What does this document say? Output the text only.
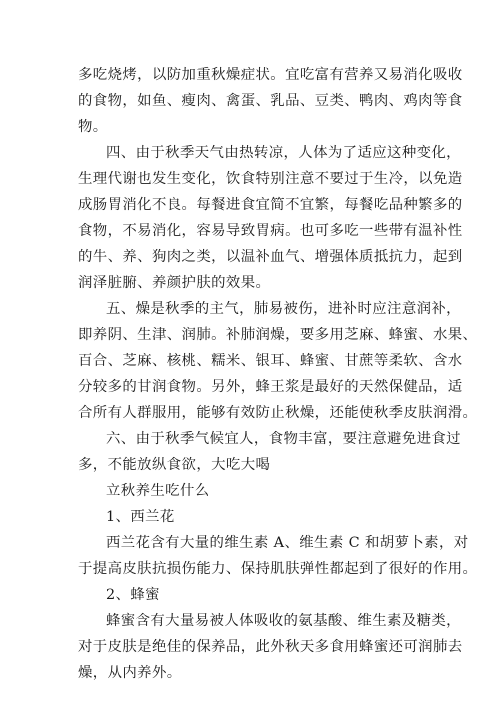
多吃烧烤，以防加重秋燥症状。宜吃富有营养又易消化吸收
的食物，如鱼、瘦肉、禽蛋、乳品、豆类、鸭肉、鸡肉等食
物。
四、由于秋季天气由热转凉，人体为了适应这种变化，
生理代谢也发生变化，饮食特别注意不要过于生冷，以免造
成肠胃消化不良。每餐进食宜简不宜繁，每餐吃品种繁多的
食物，不易消化，容易导致胃病。也可多吃一些带有温补性
的牛、养、狗肉之类，以温补血气、增强体质抵抗力，起到
润泽脏腑、养颜护肤的效果。
五、燥是秋季的主气，肺易被伤，进补时应注意润补，
即养阴、生津、润肺。补肺润燥，要多用芝麻、蜂蜜、水果、
百合、芝麻、核桃、糯米、银耳、蜂蜜、甘蔗等柔软、含水
分较多的甘润食物。另外，蜂王浆是最好的天然保健品，适
合所有人群服用，能够有效防止秋燥，还能使秋季皮肤润滑。
六、由于秋季气候宜人，食物丰富，要注意避免进食过
多，不能放纵食欲，大吃大喝
立秋养生吃什么
1、西兰花
西兰花含有大量的维生素 A、维生素 C 和胡萝卜素，对
于提高皮肤抗损伤能力、保持肌肤弹性都起到了很好的作用。
2、蜂蜜
蜂蜜含有大量易被人体吸收的氨基酸、维生素及糖类，
对于皮肤是绝佳的保养品，此外秋天多食用蜂蜜还可润肺去
燥，从内养外。
